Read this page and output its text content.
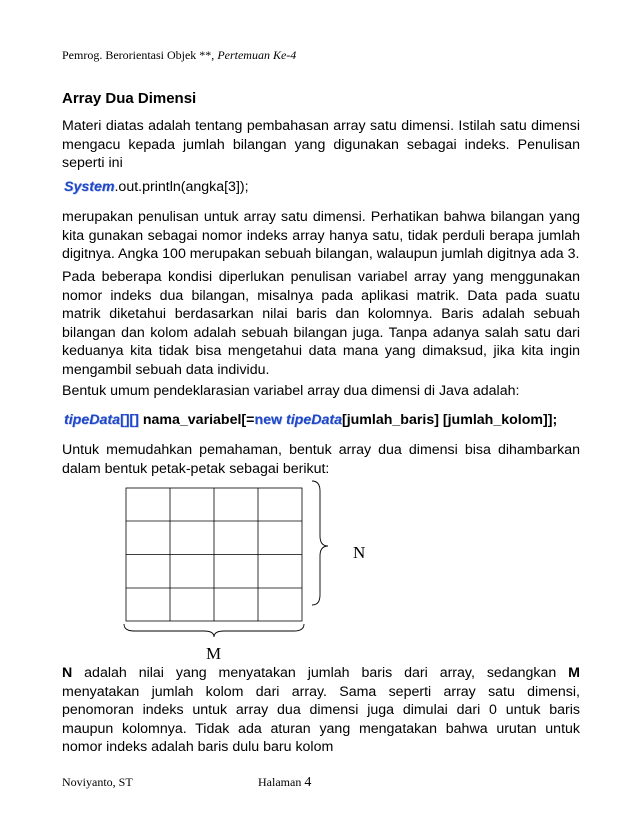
Pemrog. Berorientasi Objek **, Pertemuan Ke-4
Array Dua Dimensi

Materi diatas adalah tentang pembahasan array satu dimensi. Istilah satu dimensi mengacu kepada jumlah bilangan yang digunakan sebagai indeks. Penulisan seperti ini

System.out.println(angka[3]);

merupakan penulisan untuk array satu dimensi. Perhatikan bahwa bilangan yang kita gunakan sebagai nomor indeks array hanya satu, tidak perduli berapa jumlah digitnya. Angka 100 merupakan sebuah bilangan, walaupun jumlah digitnya ada 3.

Pada beberapa kondisi diperlukan penulisan variabel array yang menggunakan nomor indeks dua bilangan, misalnya pada aplikasi matrik. Data pada suatu matrik diketahui berdasarkan nilai baris dan kolomnya. Baris adalah sebuah bilangan dan kolom adalah sebuah bilangan juga. Tanpa adanya salah satu dari keduanya kita tidak bisa mengetahui data mana yang dimaksud, jika kita ingin mengambil sebuah data individu.

Bentuk umum pendeklarasian variabel array dua dimensi di Java adalah:

tipeData[][] nama_variabel[=new tipeData[jumlah_baris] [jumlah_kolom]];

Untuk memudahkan pemahaman, bentuk array dua dimensi bisa dihambarkan dalam bentuk petak-petak sebagai berikut:

N
M

N adalah nilai yang menyatakan jumlah baris dari array, sedangkan M menyatakan jumlah kolom dari array. Sama seperti array satu dimensi, penomoran indeks untuk array dua dimensi juga dimulai dari 0 untuk baris maupun kolomnya. Tidak ada aturan yang mengatakan bahwa urutan untuk nomor indeks adalah baris dulu baru kolom

Noviyanto, ST	Halaman 4
